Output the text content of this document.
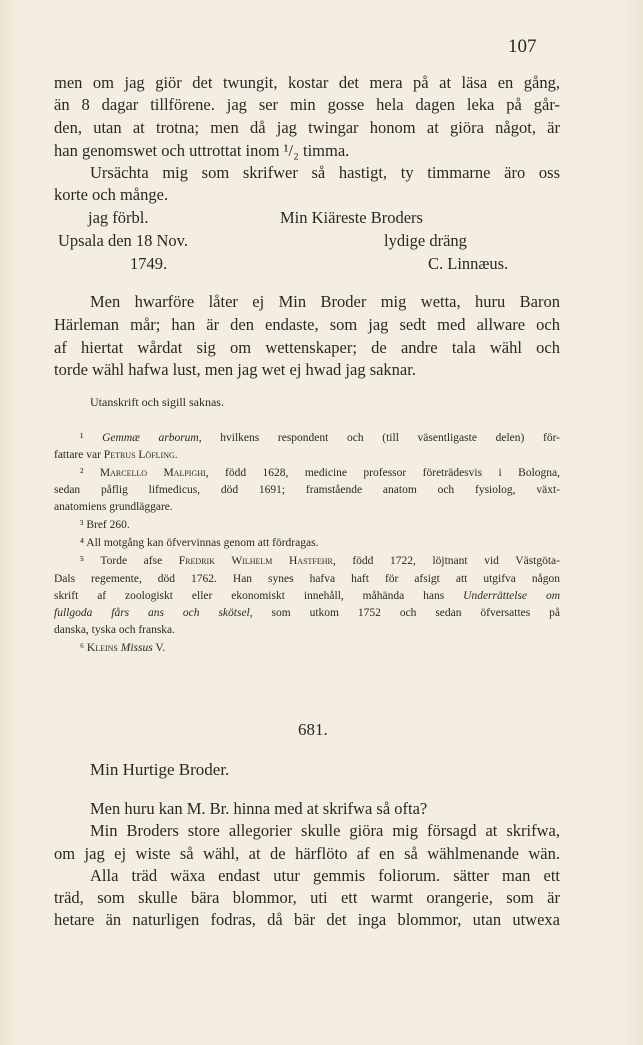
107
men om jag giör det twungit, kostar det mera på at läsa en gång,
än 8 dagar tillförene. jag ser min gosse hela dagen leka på går-
den, utan at trotna; men då jag twingar honom at giöra något, är
han genomswet och uttrottat inom ¹/₂ timma.
Ursächta mig som skrifwer så hastigt, ty timmarne äro oss
korte och månge.
jag förbl.
Upsala den 18 Nov.
1749.
Min Kiäreste Broders
lydige dräng
C. Linnæus.
Men hwarföre låter ej Min Broder mig wetta, huru Baron
Härleman mår; han är den endaste, som jag sedt med allware och
af hiertat wårdat sig om wettenskaper; de andre tala wähl och
torde wähl hafwa lust, men jag wet ej hwad jag saknar.
Utanskrift och sigill saknas.
¹ Gemmæ arborum, hvilkens respondent och (till väsentligaste delen) för-
fattare var Petrus Löfling.
² Marcello Malpighi, född 1628, medicine professor företrädesvis i Bologna,
sedan påflig lifmedicus, död 1691; framstående anatom och fysiolog, växt-
anatomiens grundläggare.
³ Bref 260.
⁴ All motgång kan öfvervinnas genom att fördragas.
⁵ Torde afse Fredrik Wilhelm Hastfehr, född 1722, löjtnant vid Västgöta-
Dals regemente, död 1762. Han synes hafva haft för afsigt att utgifva någon
skrift af zoologiskt eller ekonomiskt innehåll, måhända hans Underrättelse om
fullgoda fårs ans och skötsel, som utkom 1752 och sedan öfversattes på
danska, tyska och franska.
⁶ Kleins Missus V.
681.
Min Hurtige Broder.
Men huru kan M. Br. hinna med at skrifwa så ofta?
Min Broders store allegorier skulle giöra mig försagd at skrifwa,
om jag ej wiste så wähl, at de härflöto af en så wählmenande wän.
Alla träd wäxa endast utur gemmis foliorum. sätter man ett
träd, som skulle bära blommor, uti ett warmt orangerie, som är
hetare än naturligen fodras, då bär det inga blommor, utan utwexa
